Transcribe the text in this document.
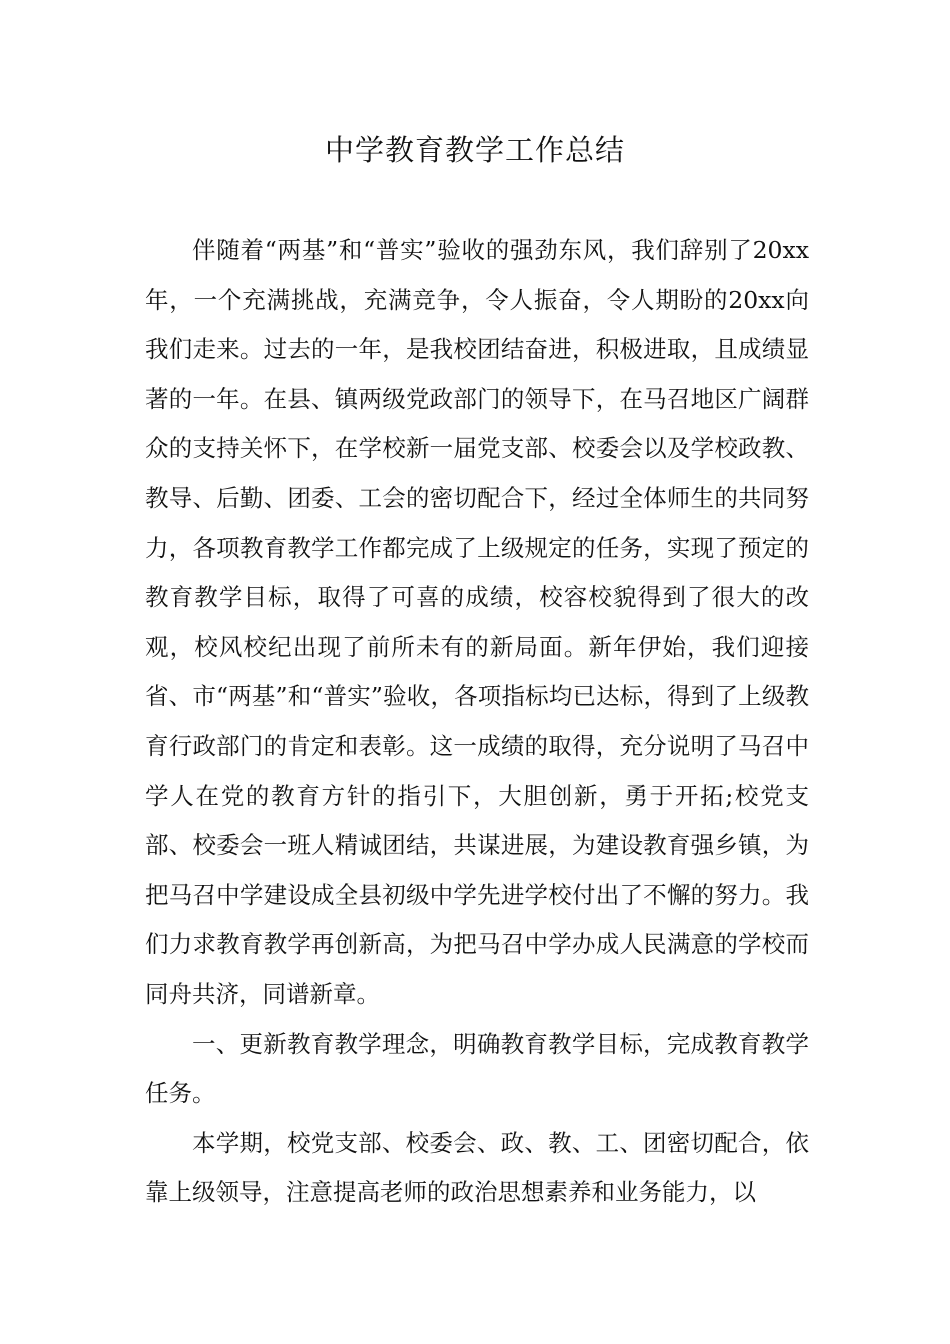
中学教育教学工作总结

伴随着“两基”和“普实”验收的强劲东风，我们辞别了20xx年，一个充满挑战，充满竞争，令人振奋，令人期盼的20xx向我们走来。过去的一年，是我校团结奋进，积极进取，且成绩显著的一年。在县、镇两级党政部门的领导下，在马召地区广阔群众的支持关怀下，在学校新一届党支部、校委会以及学校政教、教导、后勤、团委、工会的密切配合下，经过全体师生的共同努力，各项教育教学工作都完成了上级规定的任务，实现了预定的教育教学目标，取得了可喜的成绩，校容校貌得到了很大的改观，校风校纪出现了前所未有的新局面。新年伊始，我们迎接省、市“两基”和“普实”验收，各项指标均已达标，得到了上级教育行政部门的肯定和表彰。这一成绩的取得，充分说明了马召中学人在党的教育方针的指引下，大胆创新，勇于开拓;校党支部、校委会一班人精诚团结，共谋进展，为建设教育强乡镇，为把马召中学建设成全县初级中学先进学校付出了不懈的努力。我们力求教育教学再创新高，为把马召中学办成人民满意的学校而同舟共济，同谱新章。

一、更新教育教学理念，明确教育教学目标，完成教育教学任务。

本学期，校党支部、校委会、政、教、工、团密切配合，依靠上级领导，注意提高老师的政治思想素养和业务能力，以
